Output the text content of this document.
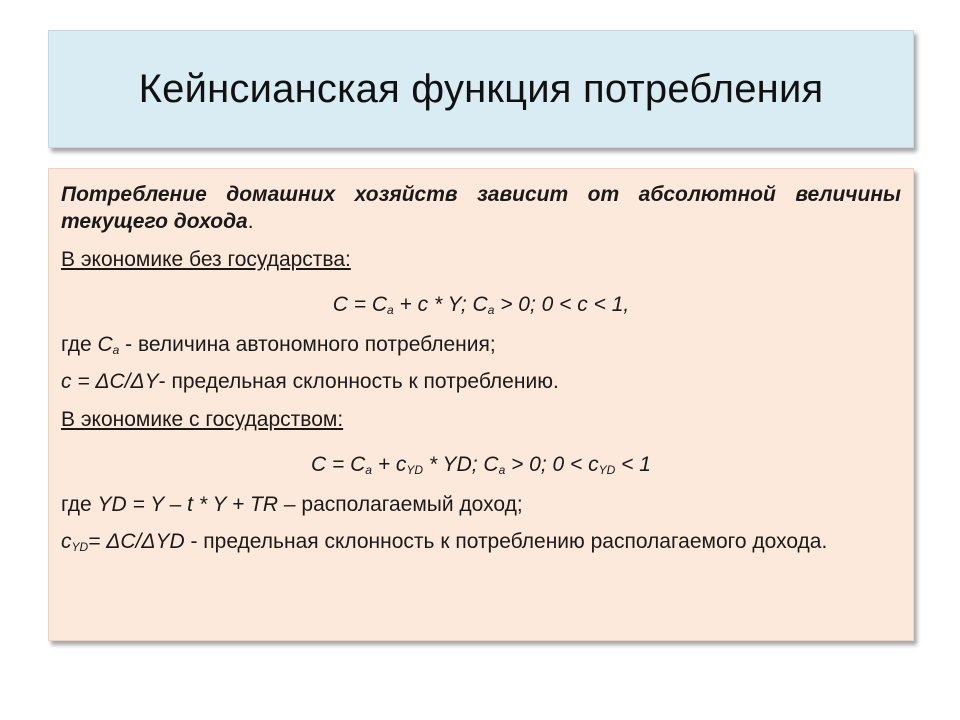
Кейнсианская функция потребления

Потребление домашних хозяйств зависит от абсолютной величины текущего дохода.

В экономике без государства:

$C = C_a + c * Y$; $C_a > 0$; 0 < c < 1,

где $C_a$ - величина автономного потребления;

c = ΔC/ΔY- предельная склонность к потреблению.

В экономике с государством:

$C = C_a + c_{YD}$ * YD; $C_a > 0$; $0 < c_{YD} < 1$

где YD = Y – t * Y + TR – располагаемый доход;

$c_{YD}= \Delta C/\Delta YD$ - предельная склонность к потреблению располагаемого дохода.
